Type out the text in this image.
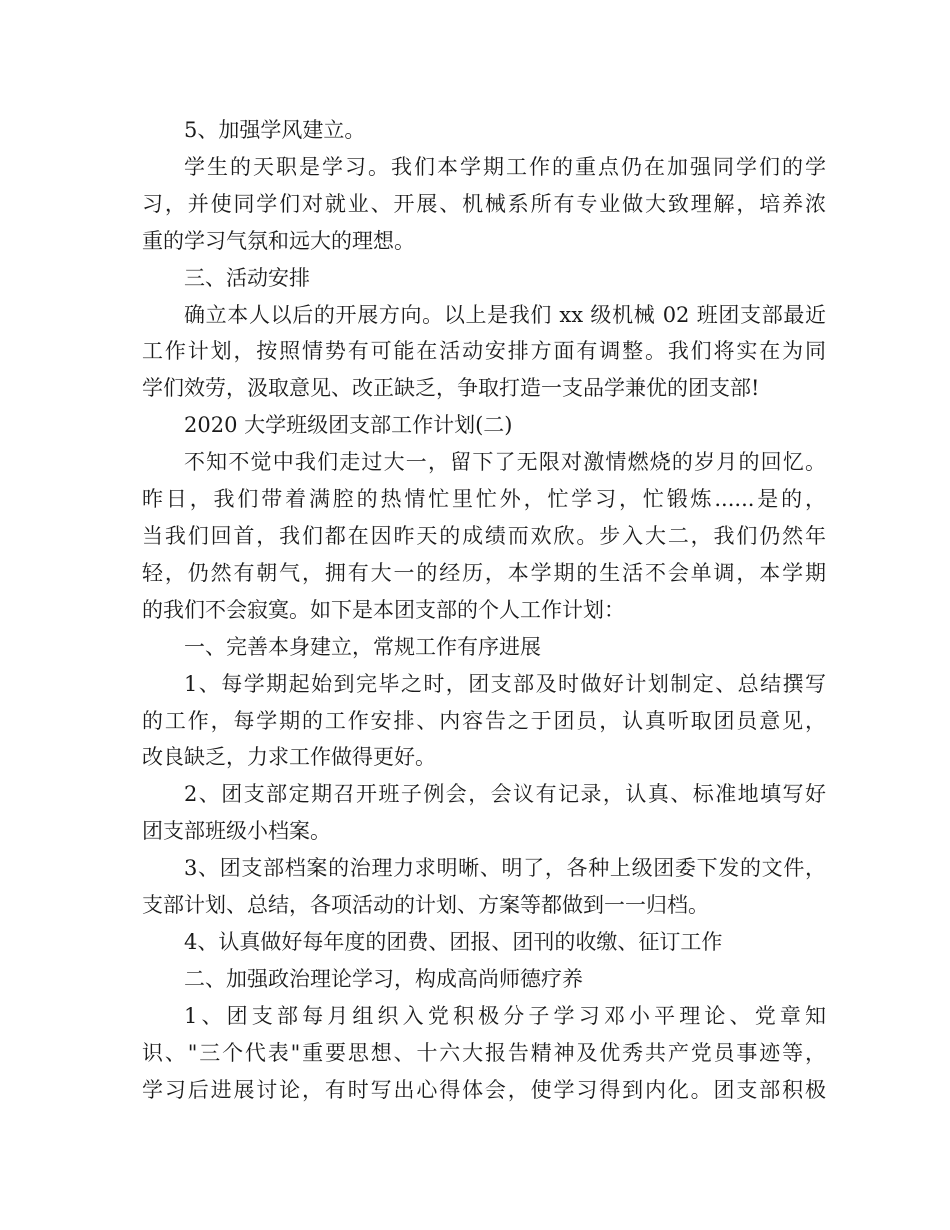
5、加强学风建立。
学生的天职是学习。我们本学期工作的重点仍在加强同学们的学
习，并使同学们对就业、开展、机械系所有专业做大致理解，培养浓
重的学习气氛和远大的理想。
三、活动安排
确立本人以后的开展方向。以上是我们 xx 级机械 02 班团支部最近
工作计划，按照情势有可能在活动安排方面有调整。我们将实在为同
学们效劳，汲取意见、改正缺乏，争取打造一支品学兼优的团支部!
2020 大学班级团支部工作计划(二)
不知不觉中我们走过大一，留下了无限对激情燃烧的岁月的回忆。
昨日，我们带着满腔的热情忙里忙外，忙学习，忙锻炼......是的，
当我们回首，我们都在因昨天的成绩而欢欣。步入大二，我们仍然年
轻，仍然有朝气，拥有大一的经历，本学期的生活不会单调，本学期
的我们不会寂寞。如下是本团支部的个人工作计划：
一、完善本身建立，常规工作有序进展
1、每学期起始到完毕之时，团支部及时做好计划制定、总结撰写
的工作，每学期的工作安排、内容告之于团员，认真听取团员意见，
改良缺乏，力求工作做得更好。
2、团支部定期召开班子例会，会议有记录，认真、标准地填写好
团支部班级小档案。
3、团支部档案的治理力求明晰、明了，各种上级团委下发的文件，
支部计划、总结，各项活动的计划、方案等都做到一一归档。
4、认真做好每年度的团费、团报、团刊的收缴、征订工作
二、加强政治理论学习，构成高尚师德疗养
1、团支部每月组织入党积极分子学习邓小平理论、党章知
识、"三个代表"重要思想、十六大报告精神及优秀共产党员事迹等，
学习后进展讨论，有时写出心得体会，使学习得到内化。团支部积极
